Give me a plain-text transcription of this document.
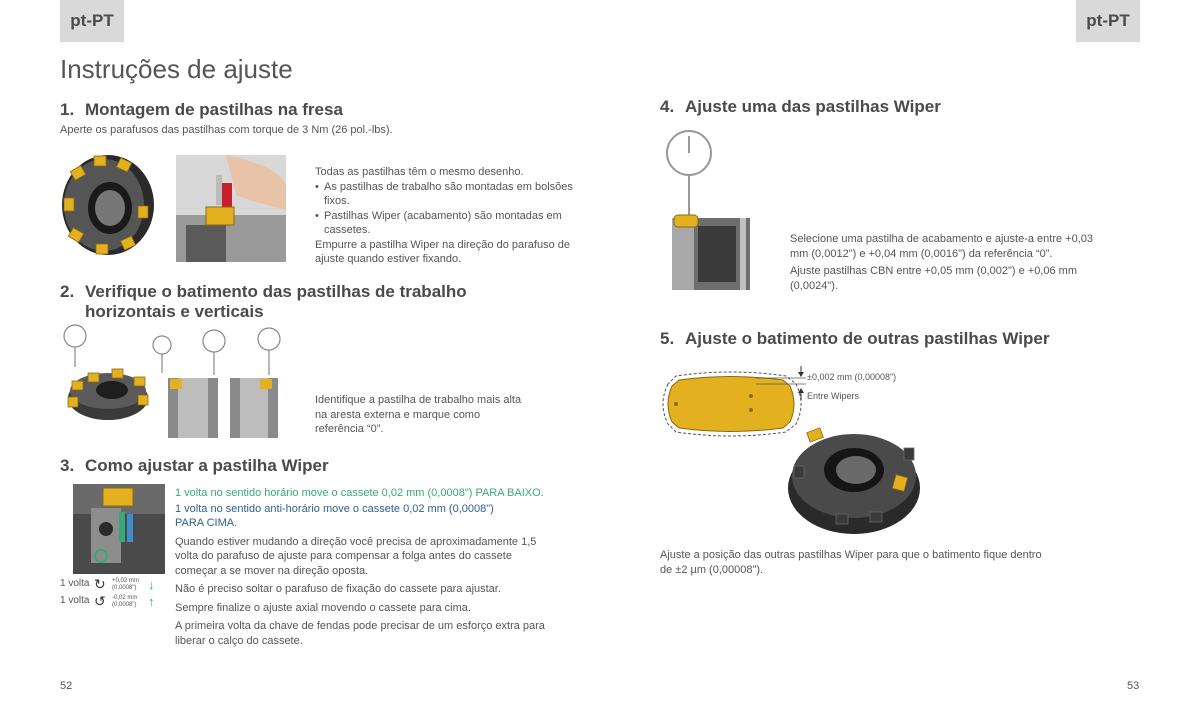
pt-PT	pt-PT
Instruções de ajuste
1. Montagem de pastilhas na fresa
Aperte os parafusos das pastilhas com torque de 3 Nm (26 pol.-lbs).
Todas as pastilhas têm o mesmo desenho.
• As pastilhas de trabalho são montadas em bolsões fixos.
• Pastilhas Wiper (acabamento) são montadas em cassetes.
Empurre a pastilha Wiper na direção do parafuso de ajuste quando estiver fixando.
2. Verifique o batimento das pastilhas de trabalho
horizontais e verticais
Identifique a pastilha de trabalho mais alta na aresta externa e marque como referência “0”.
3. Como ajustar a pastilha Wiper
1 volta ↻	+0,02 mm
(0,0008") ↓
1 volta ↺	-0,02 mm
(0,0008") ↑
1 volta no sentido horário move o cassete 0,02 mm (0,0008") PARA BAIXO.
1 volta no sentido anti-horário move o cassete 0,02 mm (0,0008") PARA CIMA.
Quando estiver mudando a direção você precisa de aproximadamente 1,5 volta do parafuso de ajuste para compensar a folga antes do cassete começar a se mover na direção oposta.
Não é preciso soltar o parafuso de fixação do cassete para ajustar.
Sempre finalize o ajuste axial movendo o cassete para cima.
A primeira volta da chave de fendas pode precisar de um esforço extra para liberar o calço do cassete.
52
4. Ajuste uma das pastilhas Wiper
Selecione uma pastilha de acabamento e ajuste-a entre +0,03 mm (0,0012") e +0,04 mm (0,0016") da referência “0”.
Ajuste pastilhas CBN entre +0,05 mm (0,002") e +0,06 mm (0,0024").
5. Ajuste o batimento de outras pastilhas Wiper
±0,002 mm (0,00008")
Entre Wipers
Ajuste a posição das outras pastilhas Wiper para que o batimento fique dentro de ±2 µm (0,00008").
53
